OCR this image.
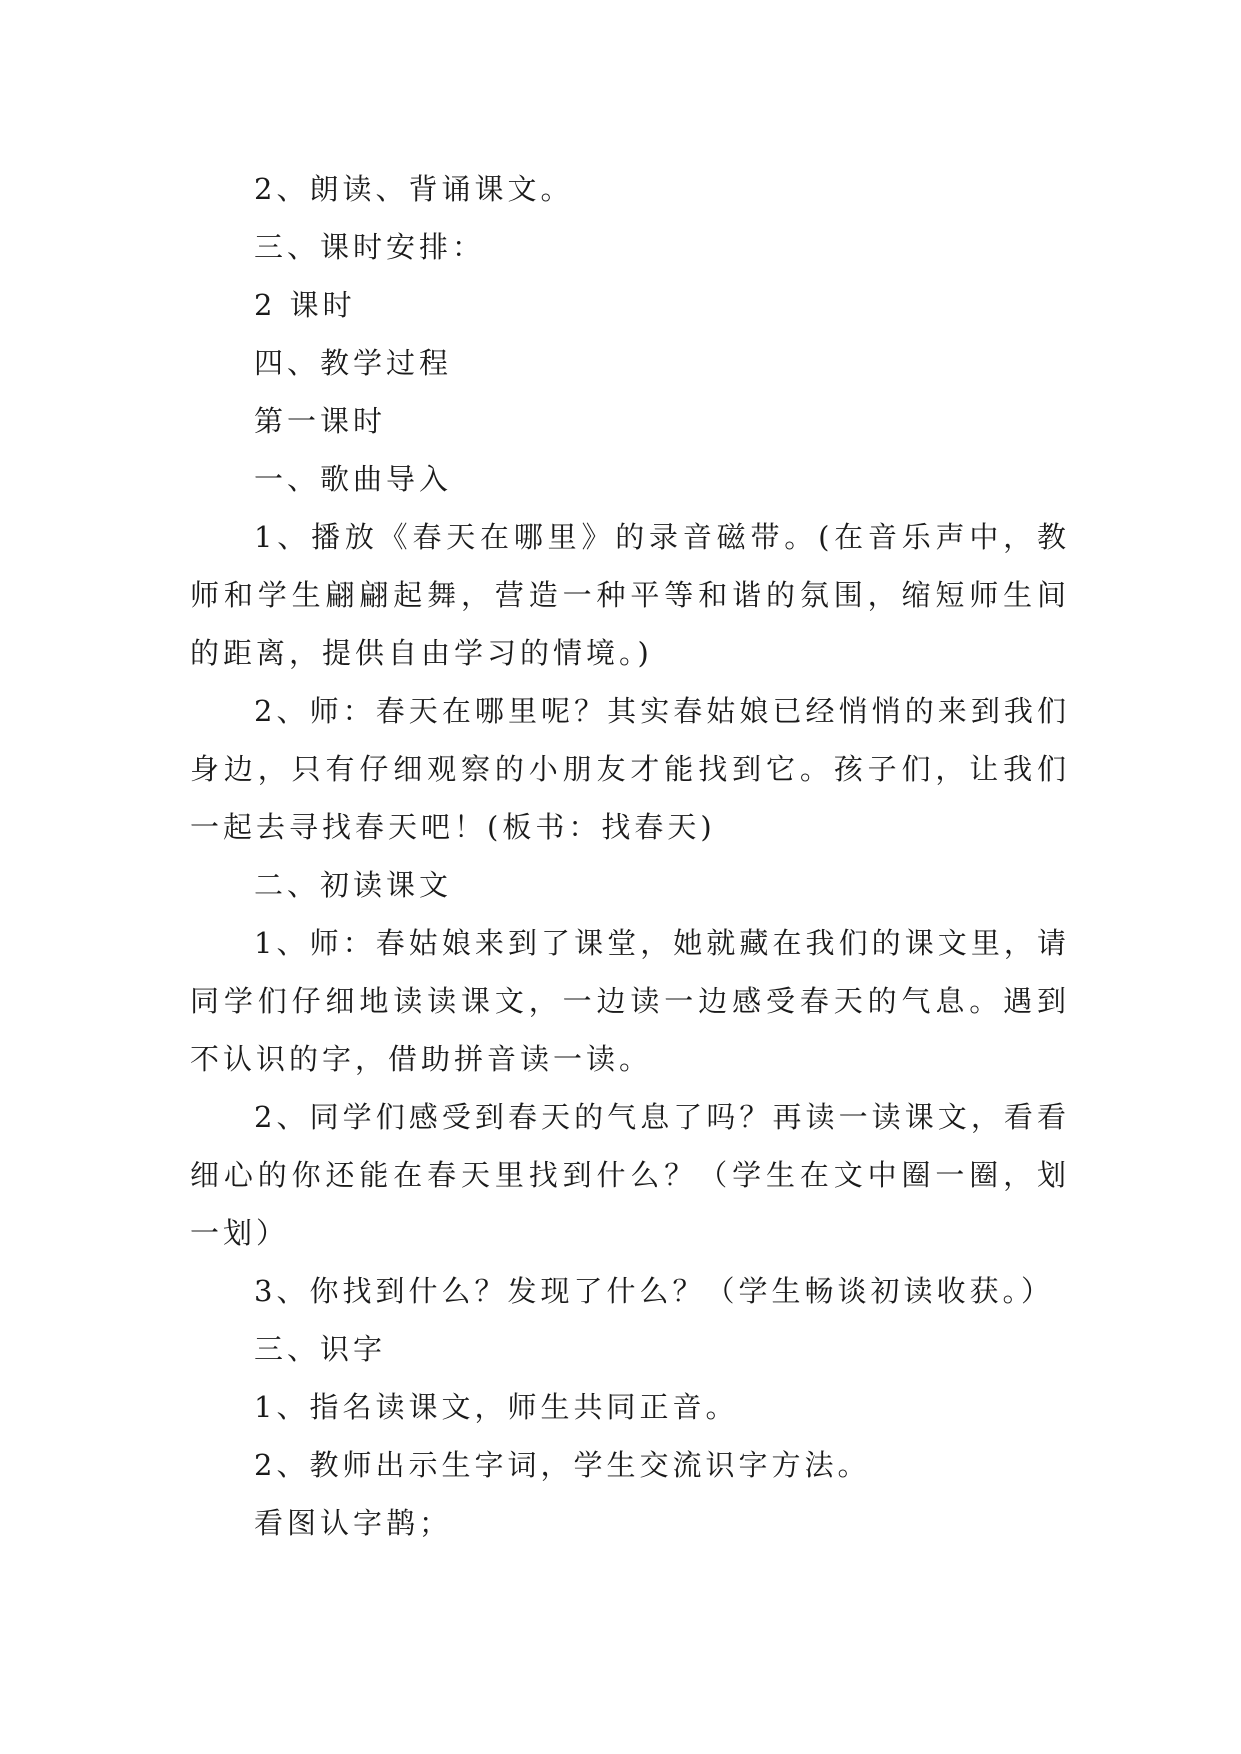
2、朗读、背诵课文。

三、课时安排：

2 课时

四、教学过程

第一课时

一、歌曲导入

1、播放《春天在哪里》的录音磁带。(在音乐声中，教师和学生翩翩起舞，营造一种平等和谐的氛围，缩短师生间的距离，提供自由学习的情境。)

2、师：春天在哪里呢？其实春姑娘已经悄悄的来到我们身边，只有仔细观察的小朋友才能找到它。孩子们，让我们一起去寻找春天吧！(板书：找春天)

二、初读课文

1、师：春姑娘来到了课堂，她就藏在我们的课文里，请同学们仔细地读读课文，一边读一边感受春天的气息。遇到不认识的字，借助拼音读一读。

2、同学们感受到春天的气息了吗？再读一读课文，看看细心的你还能在春天里找到什么？（学生在文中圈一圈，划一划）

3、你找到什么？发现了什么？（学生畅谈初读收获。）

三、识字

1、指名读课文，师生共同正音。

2、教师出示生字词，学生交流识字方法。

看图认字鹊；
